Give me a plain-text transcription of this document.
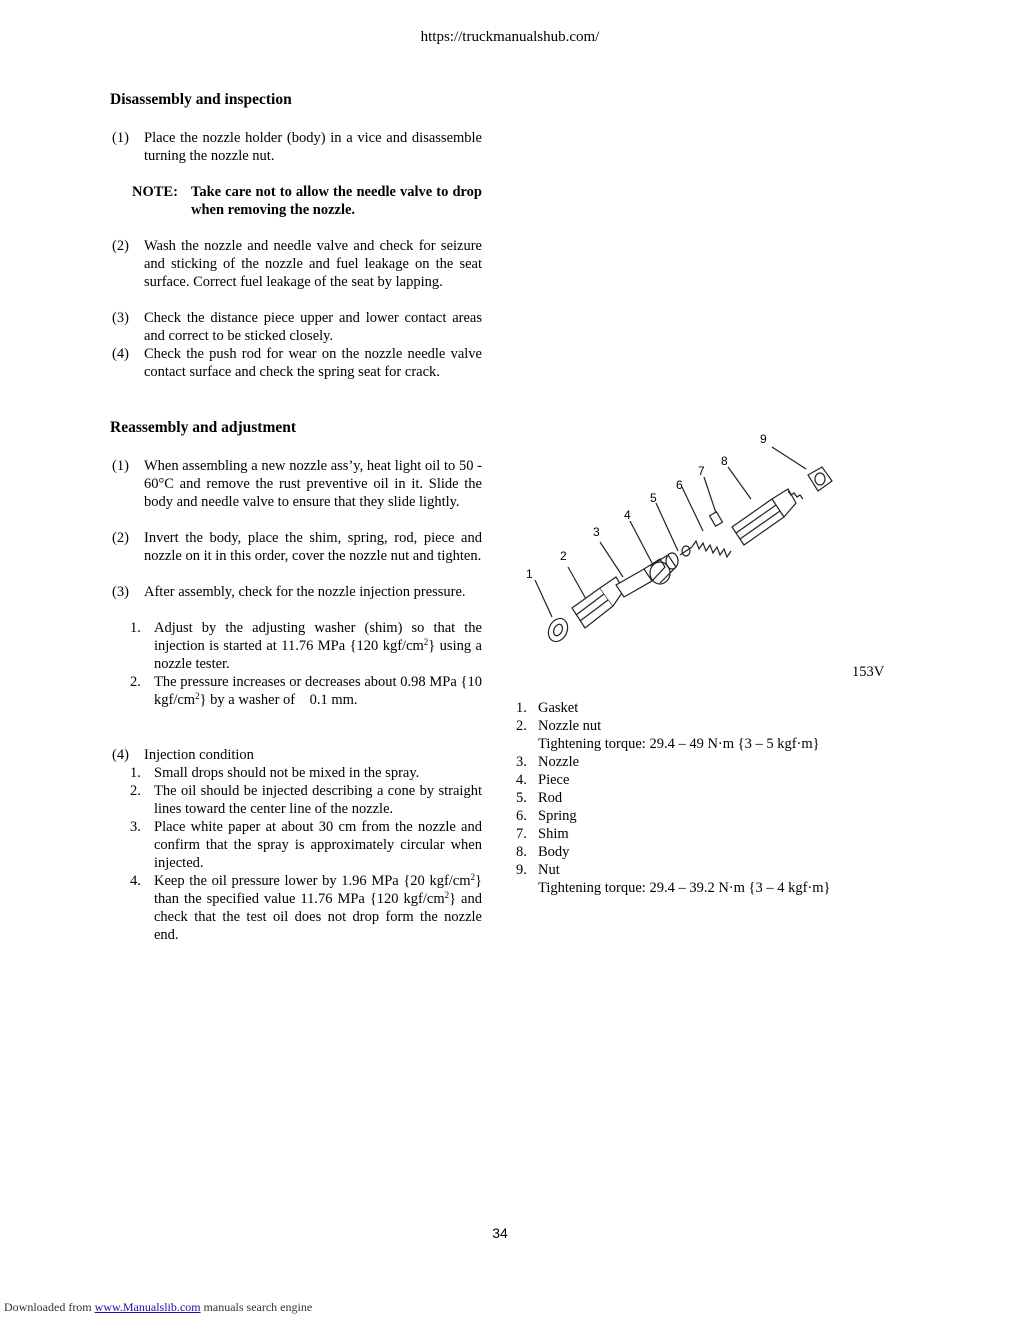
https://truckmanualshub.com/
Disassembly and inspection
(1)	Place the nozzle holder (body) in a vice and disassemble turning the nozzle nut.
NOTE: Take care not to allow the needle valve to drop when removing the nozzle.
(2)	Wash the nozzle and needle valve and check for seizure and sticking of the nozzle and fuel leakage on the seat surface. Correct fuel leakage of the seat by lapping.
(3)	Check the distance piece upper and lower contact areas and correct to be sticked closely.
(4)	Check the push rod for wear on the nozzle needle valve contact surface and check the spring seat for crack.
Reassembly and adjustment
(1)	When assembling a new nozzle ass’y, heat light oil to 50 - 60°C and remove the rust preventive oil in it. Slide the body and needle valve to ensure that they slide lightly.
(2)	Invert the body, place the shim, spring, rod, piece and nozzle on it in this order, cover the nozzle nut and tighten.
(3)	After assembly, check for the nozzle injection pressure.
1. Adjust by the adjusting washer (shim) so that the injection is started at 11.76 MPa {120 kgf/$cm^2$} using a nozzle tester.
2. The pressure increases or decreases about 0.98 MPa {10 kgf/$cm^2$} by a washer of    0.1 mm.
(4)	Injection condition
1. Small drops should not be mixed in the spray.
2. The oil should be injected describing a cone by straight lines toward the center line of the nozzle.
3. Place white paper at about 30 cm from the nozzle and confirm that the spray is approximately circular when injected.
4. Keep the oil pressure lower by 1.96 MPa {20 kgf/$cm^2$} than the specified value 11.76 MPa {120 kgf/$cm^2$} and check that the test oil does not drop form the nozzle end.
1
2
3
4
5
6
7
8
9
153V
1. Gasket
2. Nozzle nut
Tightening torque: 29.4 – 49 N·m {3 – 5 kgf·m}
3. Nozzle
4. Piece
5. Rod
6. Spring
7. Shim
8. Body
9. Nut
Tightening torque: 29.4 – 39.2 N·m {3 – 4 kgf·m}
34
Downloaded from www.Manualslib.com manuals search engine
